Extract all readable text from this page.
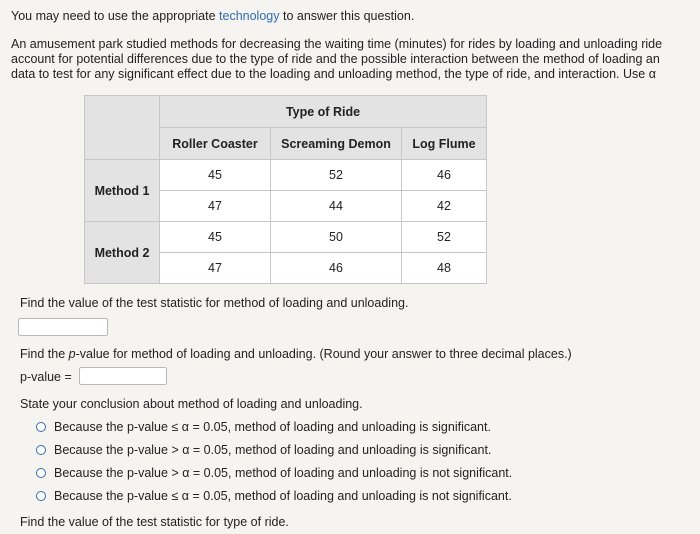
You may need to use the appropriate technology to answer this question.
An amusement park studied methods for decreasing the waiting time (minutes) for rides by loading and unloading ride
account for potential differences due to the type of ride and the possible interaction between the method of loading an
data to test for any significant effect due to the loading and unloading method, the type of ride, and interaction. Use α
	Type of Ride		
	Roller Coaster	Screaming Demon	Log Flume
Method 1	45	52	46
	47	44	42
Method 2	45	50	52
	47	46	48
Find the value of the test statistic for method of loading and unloading.
Find the p-value for method of loading and unloading. (Round your answer to three decimal places.)
p-value =
State your conclusion about method of loading and unloading.
Because the p-value ≤ α = 0.05, method of loading and unloading is significant.
Because the p-value > α = 0.05, method of loading and unloading is significant.
Because the p-value > α = 0.05, method of loading and unloading is not significant.
Because the p-value ≤ α = 0.05, method of loading and unloading is not significant.
Find the value of the test statistic for type of ride.
